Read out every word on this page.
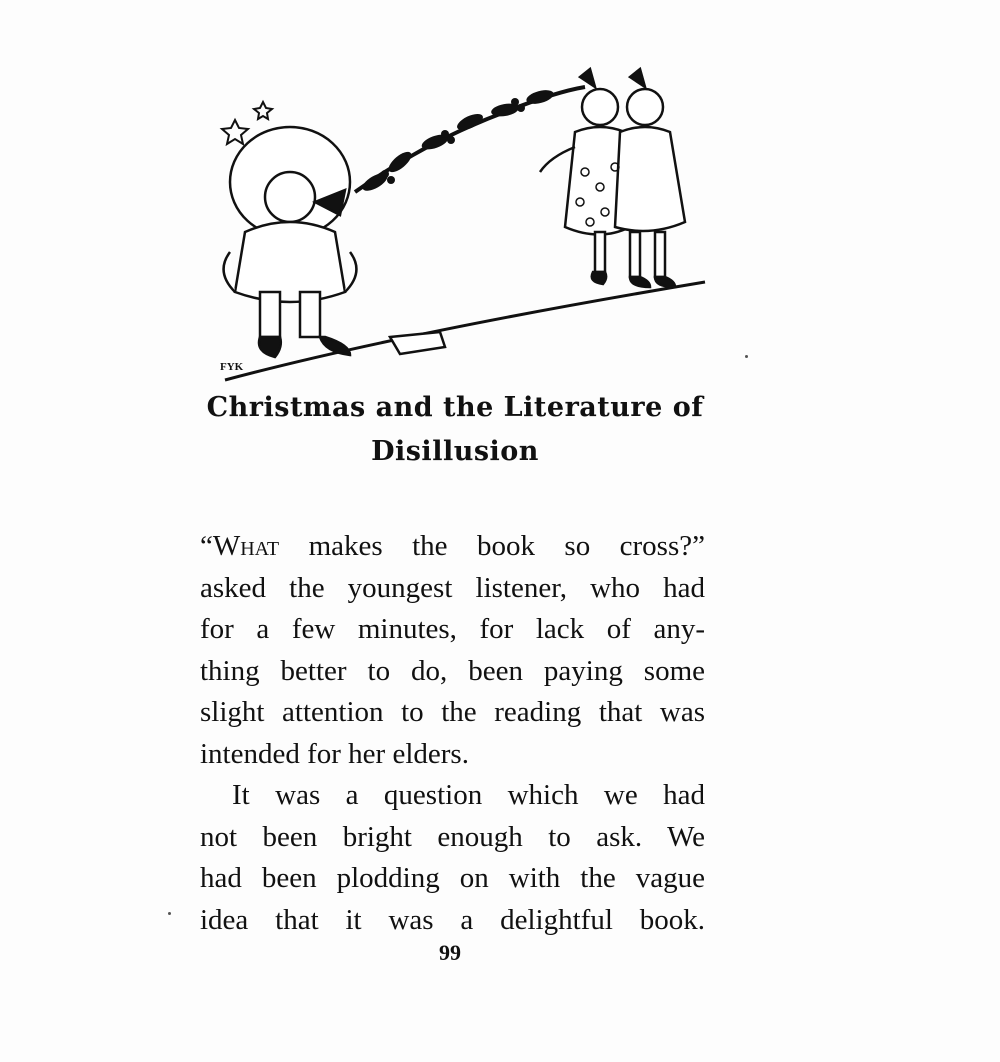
FYK
Christmas and the Literature of
Disillusion
“What makes the book so cross?”
asked the youngest listener, who had
for a few minutes, for lack of any-
thing better to do, been paying some
slight attention to the reading that was
intended for her elders.
It was a question which we had
not been bright enough to ask. We
had been plodding on with the vague
idea that it was a delightful book.
99
